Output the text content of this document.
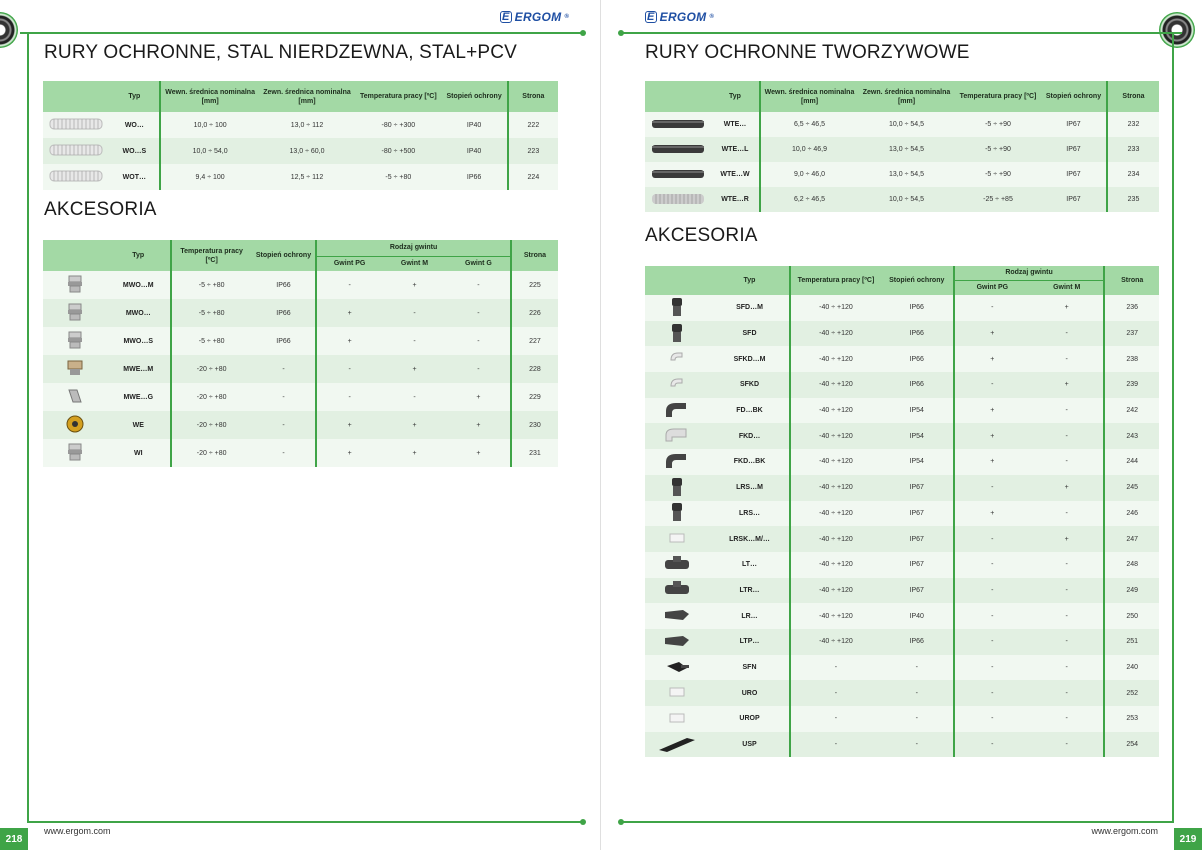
E ERGOM ®
RURY OCHRONNE, STAL NIERDZEWNA, STAL+PCV
	Typ	Wewn. średnica nominalna [mm]	Zewn. średnica nominalna [mm]	Temperatura pracy [ºC]	Stopień ochrony	Strona
	WO…	10,0 ÷ 100	13,0 ÷ 112	-80 ÷ +300	IP40	222
	WO…S	10,0 ÷ 54,0	13,0 ÷ 60,0	-80 ÷ +500	IP40	223
	WOT…	9,4 ÷ 100	12,5 ÷ 112	-5 ÷ +80	IP66	224
AKCESORIA
	Typ	Temperatura pracy [ºC]	Stopień ochrony	Rodzaj gwintu			Strona
				Gwint PG	Gwint M	Gwint G	
	MWO…M	-5 ÷ +80	IP66	-	+	-	225
	MWO…	-5 ÷ +80	IP66	+	-	-	226
	MWO…S	-5 ÷ +80	IP66	+	-	-	227
	MWE…M	-20 ÷ +80	-	-	+	-	228
	MWE…G	-20 ÷ +80	-	-	-	+	229
	WE	-20 ÷ +80	-	+	+	+	230
	WI	-20 ÷ +80	-	+	+	+	231
218
www.ergom.com
E ERGOM ®
RURY OCHRONNE TWORZYWOWE
	Typ	Wewn. średnica nominalna [mm]	Zewn. średnica nominalna [mm]	Temperatura pracy [ºC]	Stopień ochrony	Strona
	WTE…	6,5 ÷ 46,5	10,0 ÷ 54,5	-5 ÷ +90	IP67	232
	WTE…L	10,0 ÷ 46,9	13,0 ÷ 54,5	-5 ÷ +90	IP67	233
	WTE…W	9,0 ÷ 46,0	13,0 ÷ 54,5	-5 ÷ +90	IP67	234
	WTE…R	6,2 ÷ 46,5	10,0 ÷ 54,5	-25 ÷ +85	IP67	235
AKCESORIA
	Typ	Temperatura pracy [ºC]	Stopień ochrony	Rodzaj gwintu		Strona
				Gwint PG	Gwint M	
	SFD…M	-40 ÷ +120	IP66	-	+	236
	SFD	-40 ÷ +120	IP66	+	-	237
	SFKD…M	-40 ÷ +120	IP66	+	-	238
	SFKD	-40 ÷ +120	IP66	-	+	239
	FD…BK	-40 ÷ +120	IP54	+	-	242
	FKD…	-40 ÷ +120	IP54	+	-	243
	FKD…BK	-40 ÷ +120	IP54	+	-	244
	LRS…M	-40 ÷ +120	IP67	-	+	245
	LRS…	-40 ÷ +120	IP67	+	-	246
	LRSK…M/…	-40 ÷ +120	IP67	-	+	247
	LT…	-40 ÷ +120	IP67	-	-	248
	LTR…	-40 ÷ +120	IP67	-	-	249
	LR…	-40 ÷ +120	IP40	-	-	250
	LTP…	-40 ÷ +120	IP66	-	-	251
	SFN	-	-	-	-	240
	URO	-	-	-	-	252
	UROP	-	-	-	-	253
	USP	-	-	-	-	254
219
www.ergom.com
